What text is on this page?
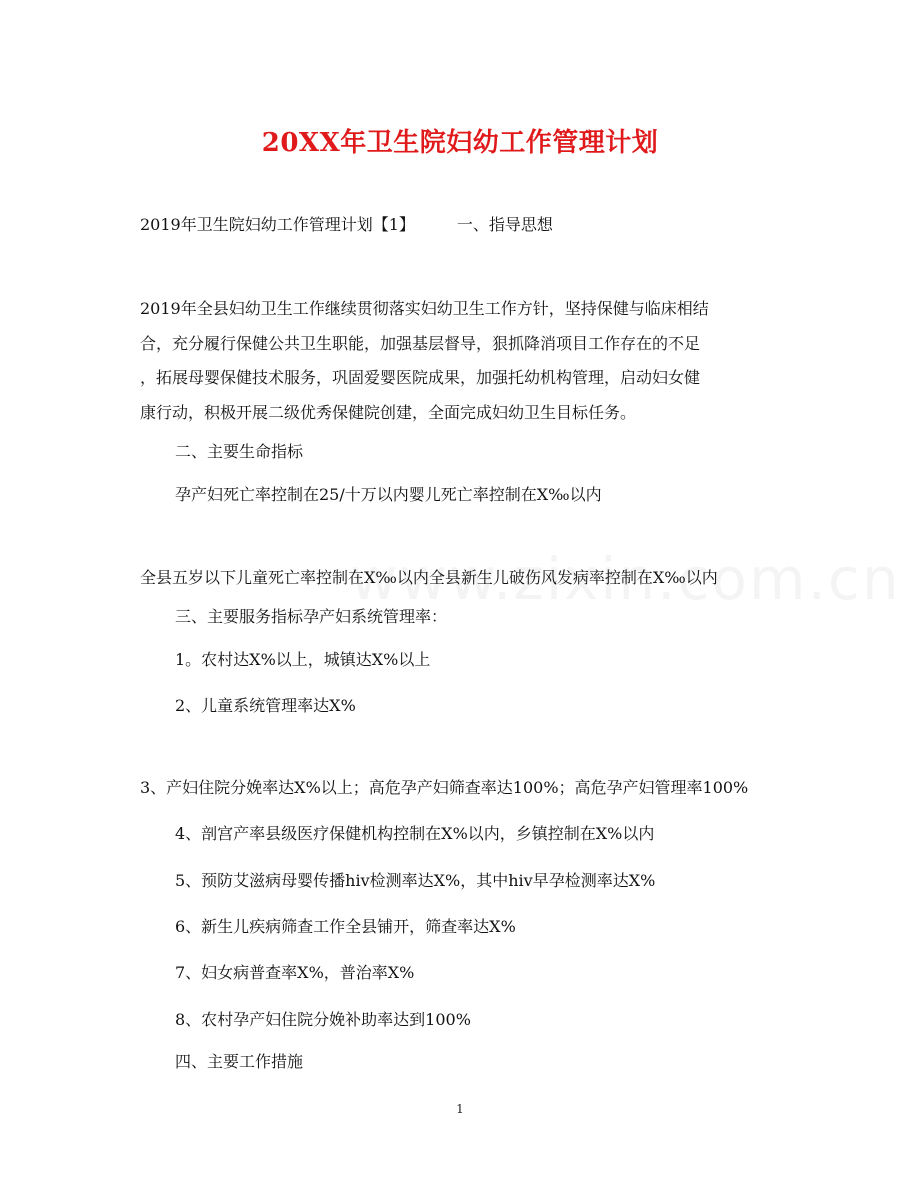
20XX年卫生院妇幼工作管理计划
2019年卫生院妇幼工作管理计划【1】	一、指导思想
2019年全县妇幼卫生工作继续贯彻落实妇幼卫生工作方针，坚持保健与临床相结
合，充分履行保健公共卫生职能，加强基层督导，狠抓降消项目工作存在的不足
，拓展母婴保健技术服务，巩固爱婴医院成果，加强托幼机构管理，启动妇女健
康行动，积极开展二级优秀保健院创建，全面完成妇幼卫生目标任务。
二、主要生命指标
孕产妇死亡率控制在25/十万以内婴儿死亡率控制在X‰以内
全县五岁以下儿童死亡率控制在X‰以内全县新生儿破伤风发病率控制在X‰以内
三、主要服务指标孕产妇系统管理率：
1。农村达X%以上，城镇达X%以上
2、儿童系统管理率达X%
3、产妇住院分娩率达X%以上；高危孕产妇筛查率达100%；高危孕产妇管理率100%
4、剖宫产率县级医疗保健机构控制在X%以内，乡镇控制在X%以内
5、预防艾滋病母婴传播hiv检测率达X%，其中hiv早孕检测率达X%
6、新生儿疾病筛查工作全县铺开，筛查率达X%
7、妇女病普查率X%，普治率X%
8、农村孕产妇住院分娩补助率达到100%
四、主要工作措施
1
